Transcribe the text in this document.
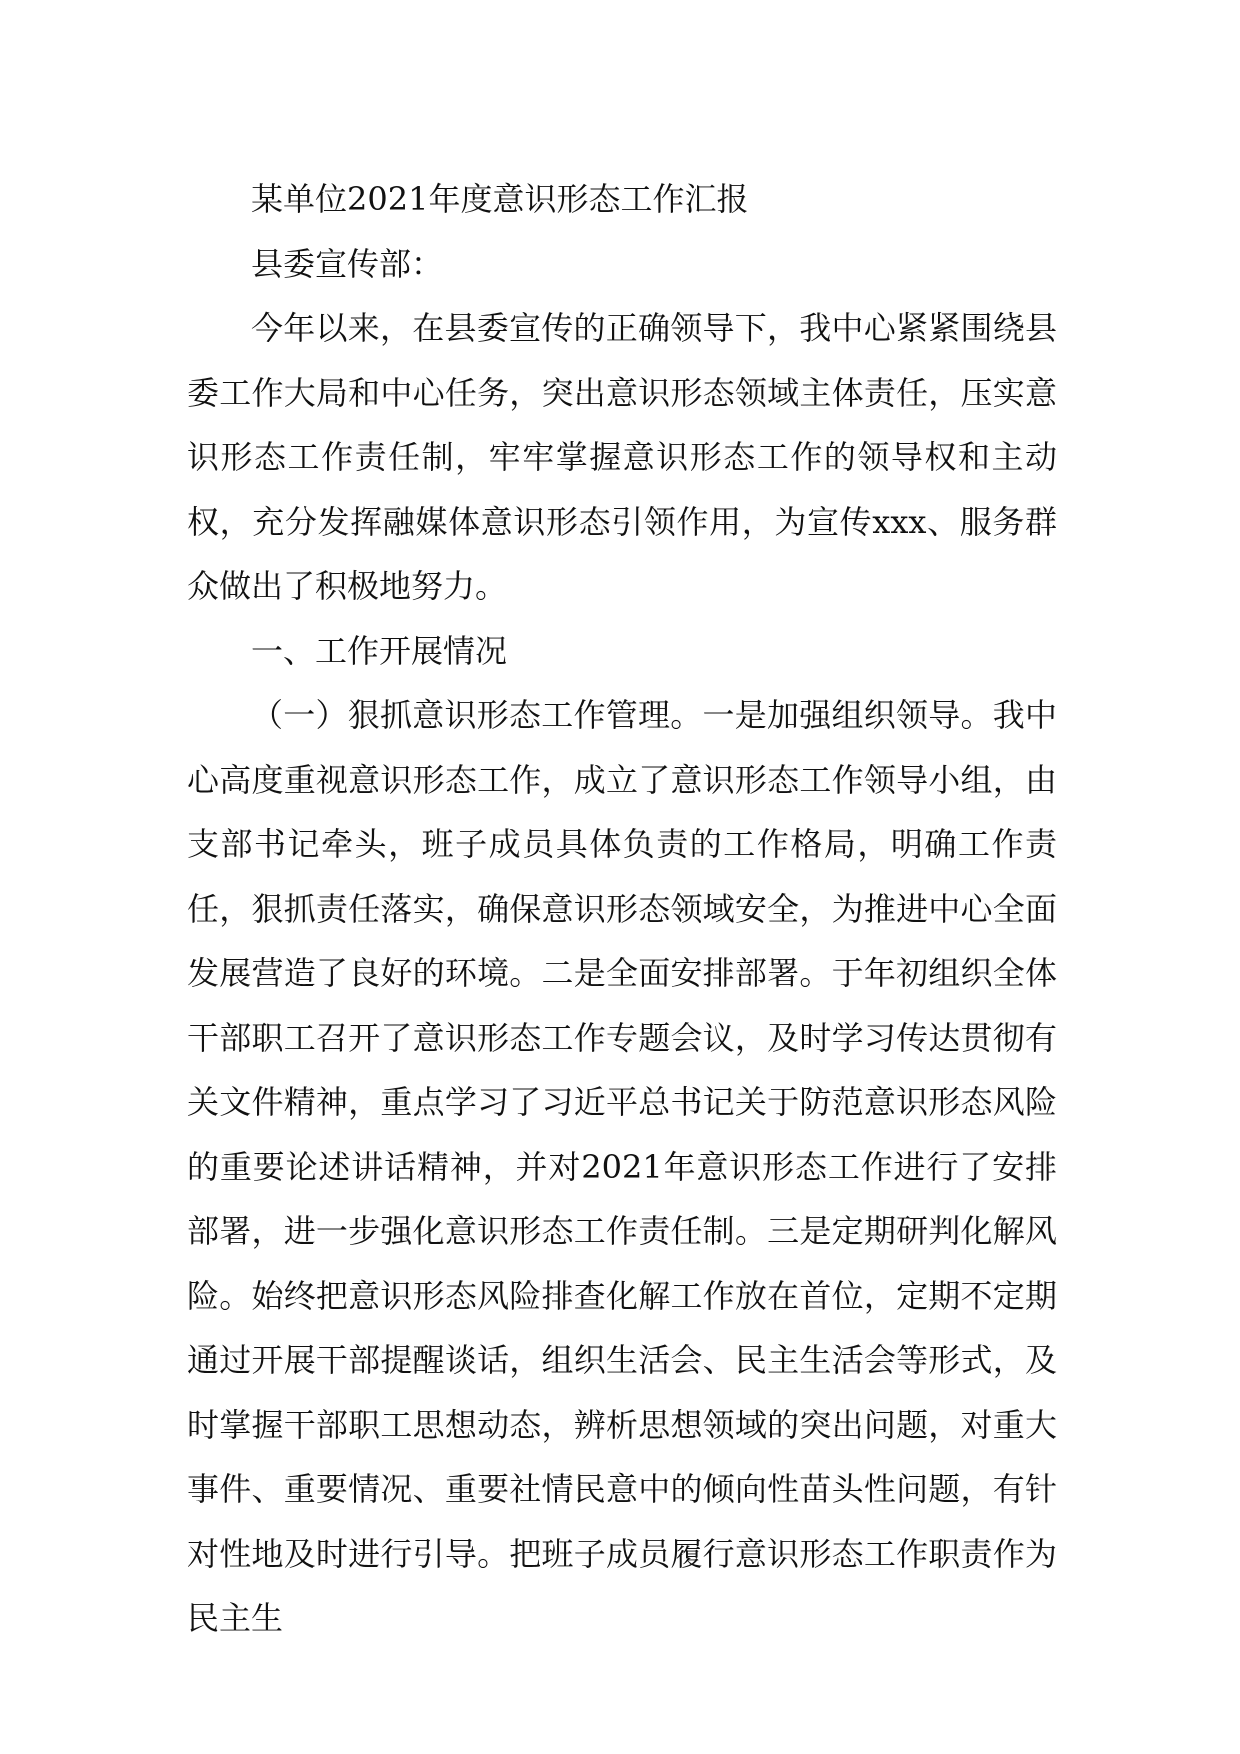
某单位2021年度意识形态工作汇报

县委宣传部：

今年以来，在县委宣传的正确领导下，我中心紧紧围绕县委工作大局和中心任务，突出意识形态领域主体责任，压实意识形态工作责任制，牢牢掌握意识形态工作的领导权和主动权，充分发挥融媒体意识形态引领作用，为宣传xxx、服务群众做出了积极地努力。

一、工作开展情况

（一）狠抓意识形态工作管理。一是加强组织领导。我中心高度重视意识形态工作，成立了意识形态工作领导小组，由支部书记牵头，班子成员具体负责的工作格局，明确工作责任，狠抓责任落实，确保意识形态领域安全，为推进中心全面发展营造了良好的环境。二是全面安排部署。于年初组织全体干部职工召开了意识形态工作专题会议，及时学习传达贯彻有关文件精神，重点学习了习近平总书记关于防范意识形态风险的重要论述讲话精神，并对2021年意识形态工作进行了安排部署，进一步强化意识形态工作责任制。三是定期研判化解风险。始终把意识形态风险排查化解工作放在首位，定期不定期通过开展干部提醒谈话，组织生活会、民主生活会等形式，及时掌握干部职工思想动态，辨析思想领域的突出问题，对重大事件、重要情况、重要社情民意中的倾向性苗头性问题，有针对性地及时进行引导。把班子成员履行意识形态工作职责作为民主生
